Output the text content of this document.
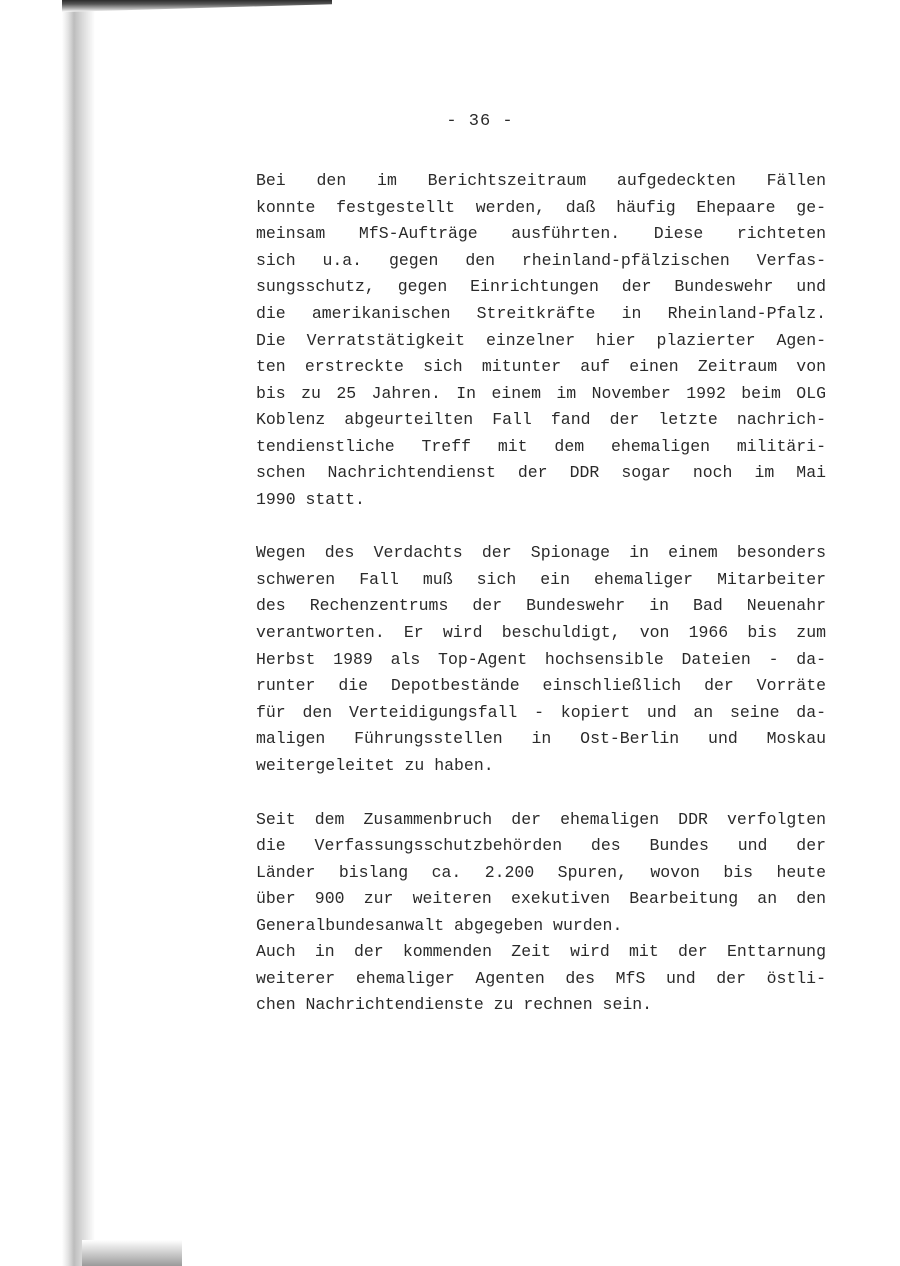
- 36 -
Bei den im Berichtszeitraum aufgedeckten Fällen
konnte festgestellt werden, daß häufig Ehepaare ge-
meinsam MfS-Aufträge ausführten. Diese richteten
sich u.a. gegen den rheinland-pfälzischen Verfas-
sungsschutz, gegen Einrichtungen der Bundeswehr und
die amerikanischen Streitkräfte in Rheinland-Pfalz.
Die Verratstätigkeit einzelner hier plazierter Agen-
ten erstreckte sich mitunter auf einen Zeitraum von
bis zu 25 Jahren. In einem im November 1992 beim OLG
Koblenz abgeurteilten Fall fand der letzte nachrich-
tendienstliche Treff mit dem ehemaligen militäri-
schen Nachrichtendienst der DDR sogar noch im Mai
1990 statt.
Wegen des Verdachts der Spionage in einem besonders
schweren Fall muß sich ein ehemaliger Mitarbeiter
des Rechenzentrums der Bundeswehr in Bad Neuenahr
verantworten. Er wird beschuldigt, von 1966 bis zum
Herbst 1989 als Top-Agent hochsensible Dateien - da-
runter die Depotbestände einschließlich der Vorräte
für den Verteidigungsfall - kopiert und an seine da-
maligen Führungsstellen in Ost-Berlin und Moskau
weitergeleitet zu haben.
Seit dem Zusammenbruch der ehemaligen DDR verfolgten
die Verfassungsschutzbehörden des Bundes und der
Länder bislang ca. 2.200 Spuren, wovon bis heute
über 900 zur weiteren exekutiven Bearbeitung an den
Generalbundesanwalt abgegeben wurden.
Auch in der kommenden Zeit wird mit der Enttarnung
weiterer ehemaliger Agenten des MfS und der östli-
chen Nachrichtendienste zu rechnen sein.
